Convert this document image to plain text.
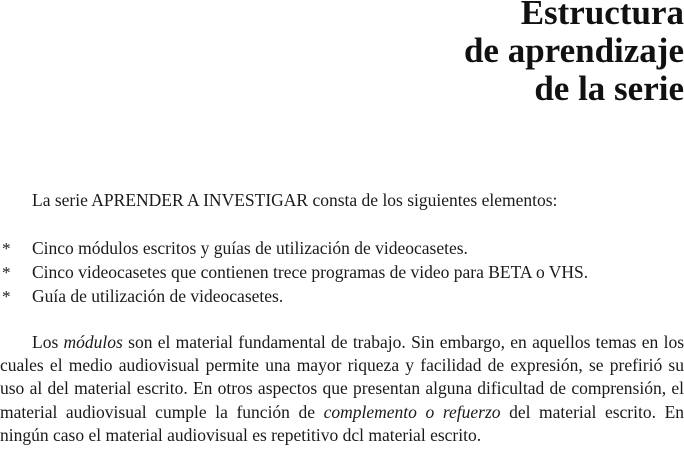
Estructura
de aprendizaje
de la serie

La serie APRENDER A INVESTIGAR consta de los siguientes elementos:

* Cinco módulos escritos y guías de utilización de videocasetes.
* Cinco videocasetes que contienen trece programas de video para BETA o VHS.
* Guía de utilización de videocasetes.

Los módulos son el material fundamental de trabajo. Sin embargo, en aquellos temas en los cuales el medio audiovisual permite una mayor riqueza y facilidad de expresión, se prefirió su uso al del material escrito. En otros aspectos que presentan alguna dificultad de comprensión, el material audiovisual cumple la función de complemento o refuerzo del material escrito. En ningún caso el material audiovisual es repetitivo dcl material escrito.
